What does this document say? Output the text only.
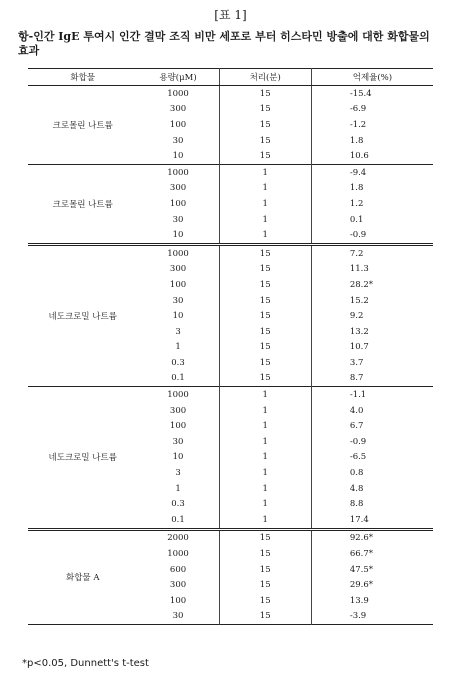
[표 1]
항-인간 IgE 투여시 인간 결막 조직 비만 세포로 부터 히스타민 방출에 대한 화합물의 효과
화합물	용량(μM)	처리(분)	억제율(%)
크로몰린 나트륨	1000	15	-15.4
	300	15	-6.9
	100	15	-1.2
	30	15	1.8
	10	15	10.6
크로몰린 나트륨	1000	1	-9.4
	300	1	1.8
	100	1	1.2
	30	1	0.1
	10	1	-0.9
네도크로밀 나트륨	1000	15	7.2
	300	15	11.3
	100	15	28.2*
	30	15	15.2
	10	15	9.2
	3	15	13.2
	1	15	10.7
	0.3	15	3.7
	0.1	15	8.7
네도크로밀 나트륨	1000	1	-1.1
	300	1	4.0
	100	1	6.7
	30	1	-0.9
	10	1	-6.5
	3	1	0.8
	1	1	4.8
	0.3	1	8.8
	0.1	1	17.4
화합물 A	2000	15	92.6*
	1000	15	66.7*
	600	15	47.5*
	300	15	29.6*
	100	15	13.9
	30	15	-3.9
*p<0.05, Dunnett's t-test
